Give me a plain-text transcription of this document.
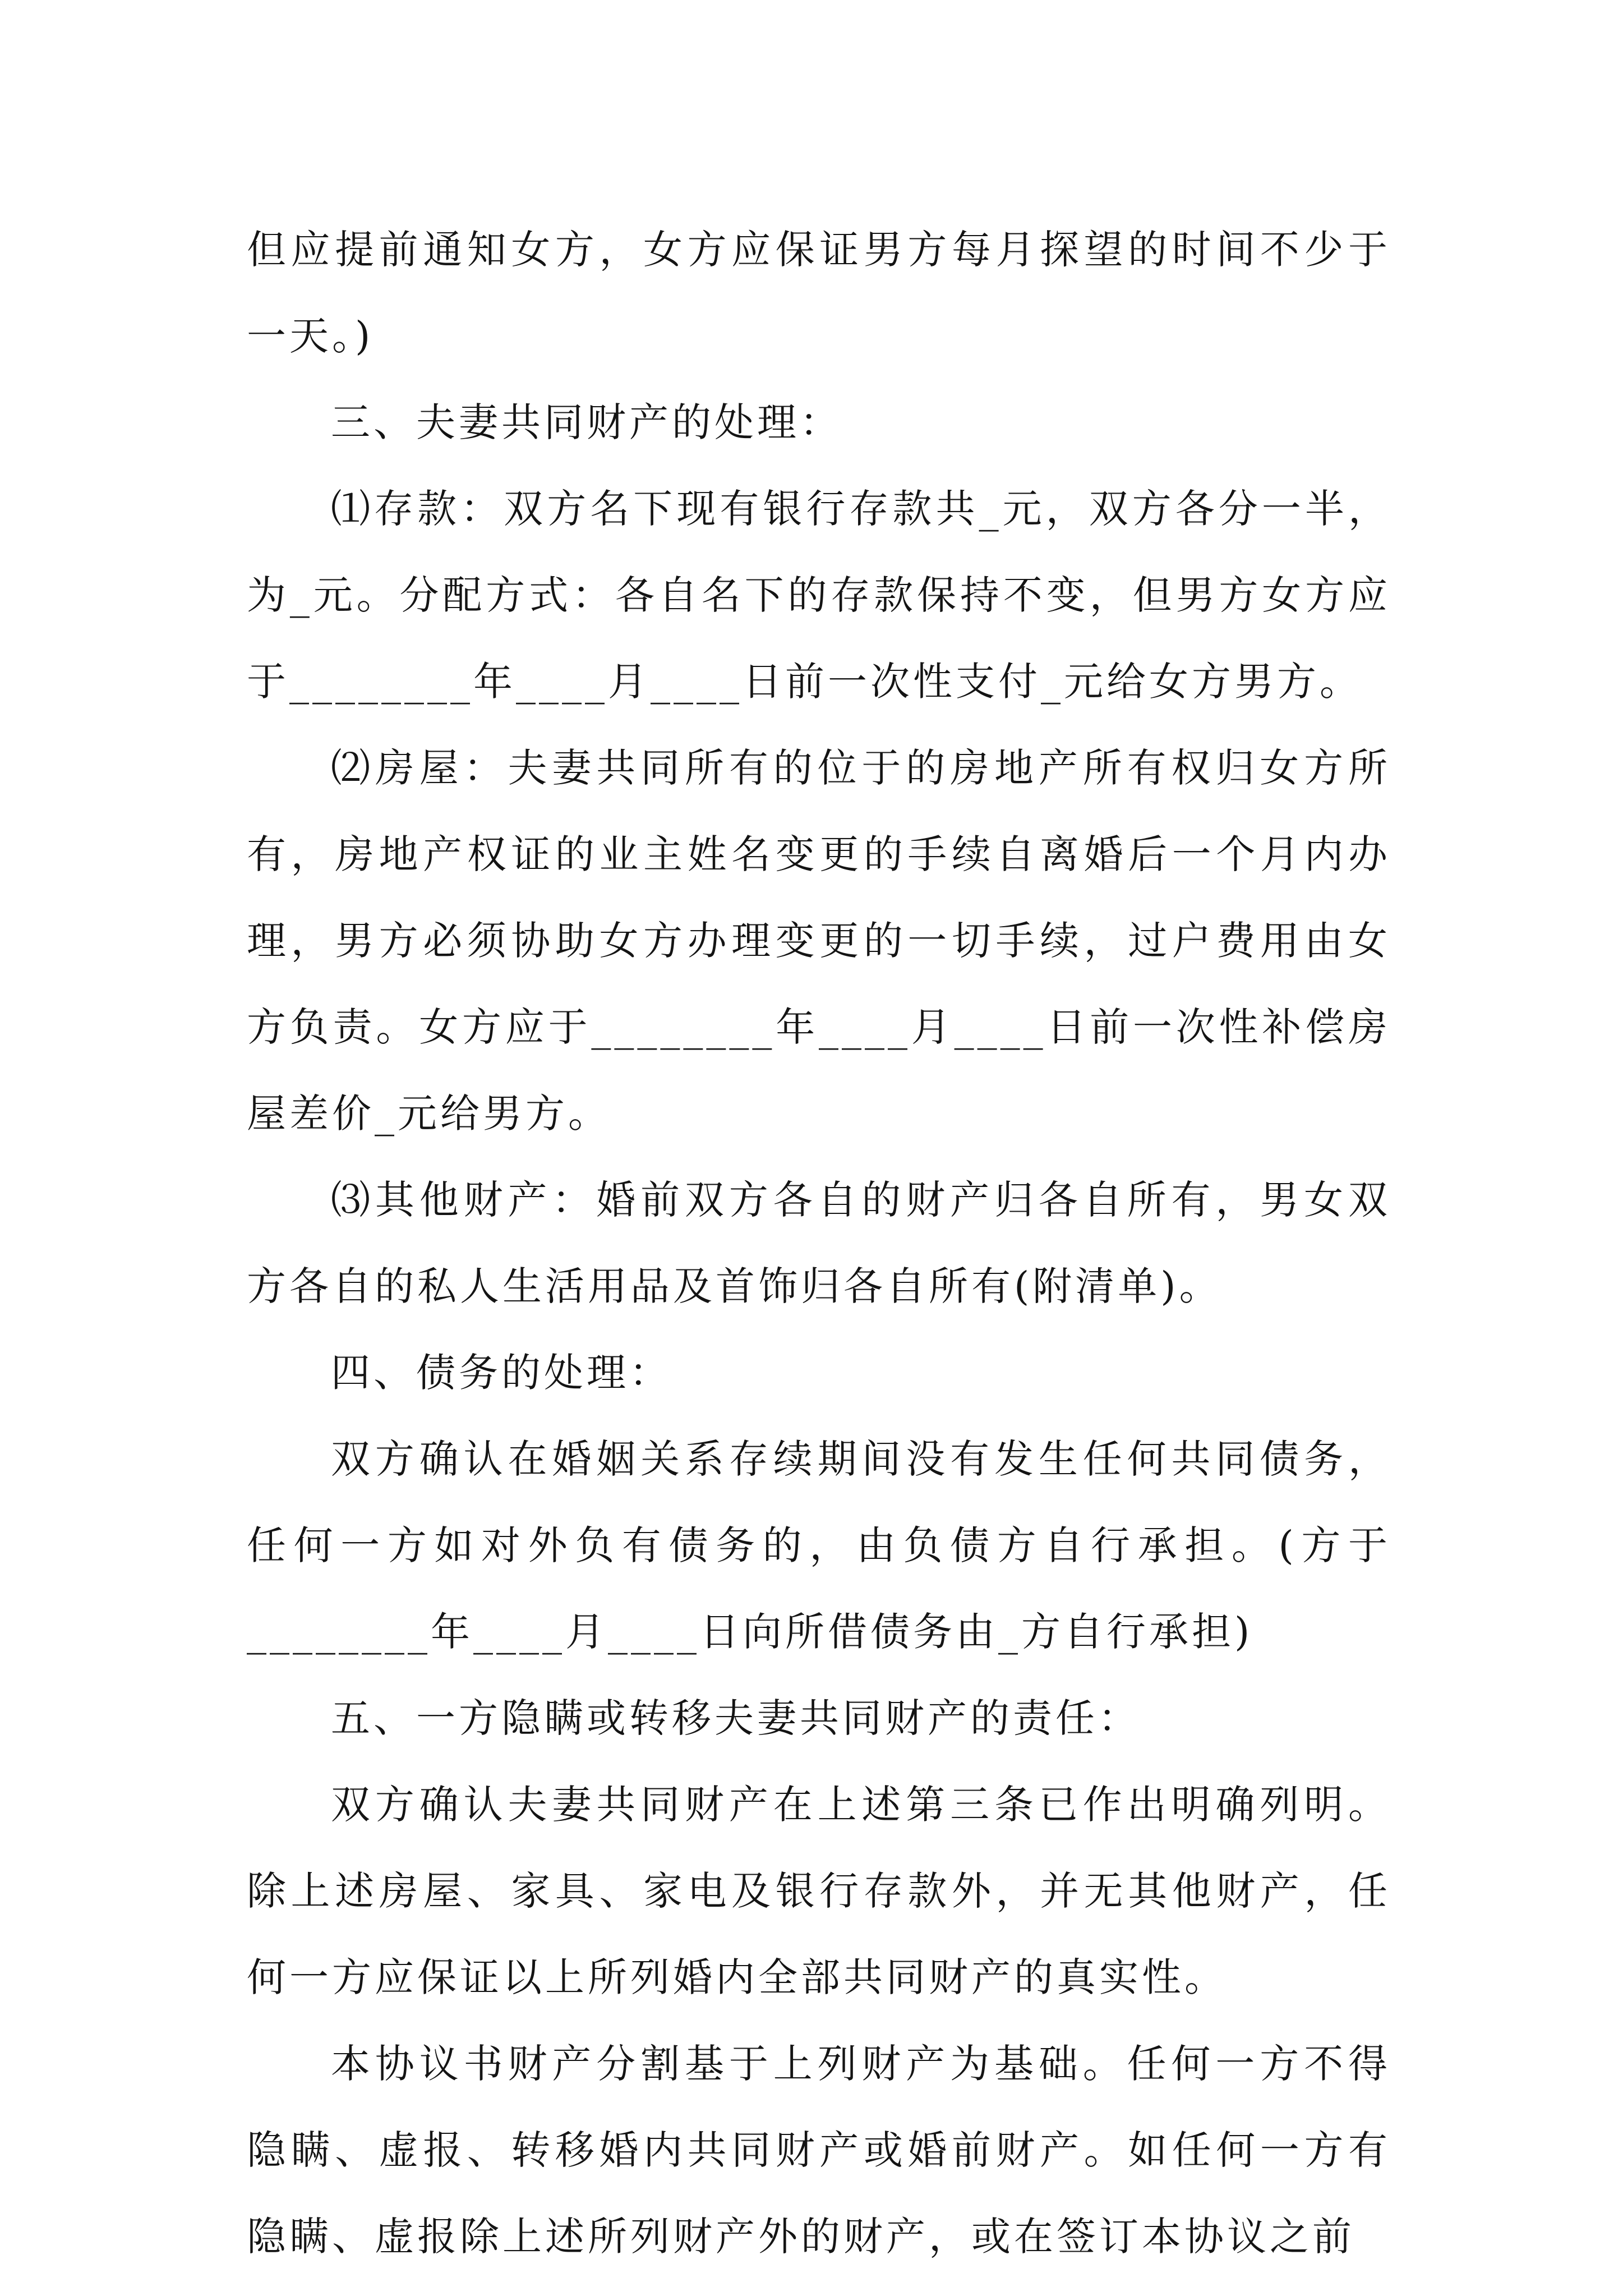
但应提前通知女方，女方应保证男方每月探望的时间不少于一天。)

三、夫妻共同财产的处理：

⑴存款：双方名下现有银行存款共_元，双方各分一半，为_元。分配方式：各自名下的存款保持不变，但男方女方应于________年____月____日前一次性支付_元给女方男方。

⑵房屋：夫妻共同所有的位于的房地产所有权归女方所有，房地产权证的业主姓名变更的手续自离婚后一个月内办理，男方必须协助女方办理变更的一切手续，过户费用由女方负责。女方应于________年____月____日前一次性补偿房屋差价_元给男方。

⑶其他财产：婚前双方各自的财产归各自所有，男女双方各自的私人生活用品及首饰归各自所有(附清单)。

四、债务的处理：

双方确认在婚姻关系存续期间没有发生任何共同债务，任何一方如对外负有债务的，由负债方自行承担。(方于________年____月____日向所借债务由_方自行承担)

五、一方隐瞒或转移夫妻共同财产的责任：

双方确认夫妻共同财产在上述第三条已作出明确列明。除上述房屋、家具、家电及银行存款外，并无其他财产，任何一方应保证以上所列婚内全部共同财产的真实性。

本协议书财产分割基于上列财产为基础。任何一方不得隐瞒、虚报、转移婚内共同财产或婚前财产。如任何一方有隐瞒、虚报除上述所列财产外的财产，或在签订本协议之前
